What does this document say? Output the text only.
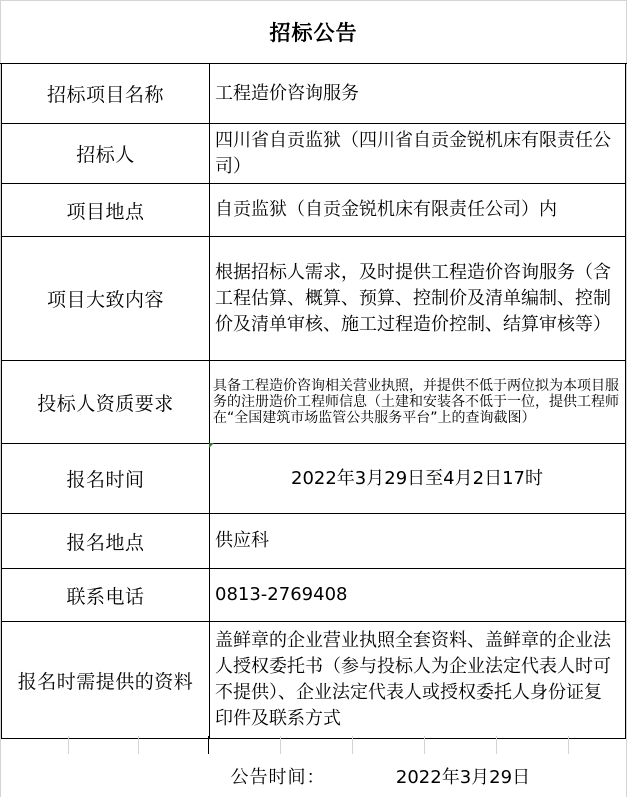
招标公告
招标项目名称	工程造价咨询服务
招标人	四川省自贡监狱（四川省自贡金锐机床有限责任公司）
项目地点	自贡监狱（自贡金锐机床有限责任公司）内
项目大致内容	根据招标人需求，及时提供工程造价咨询服务（含工程估算、概算、预算、控制价及清单编制、控制价及清单审核、施工过程造价控制、结算审核等）
投标人资质要求	具备工程造价咨询相关营业执照，并提供不低于两位拟为本项目服务的注册造价工程师信息（土建和安装各不低于一位，提供工程师在“全国建筑市场监管公共服务平台”上的查询截图）
报名时间	2022年3月29日至4月2日17时
报名地点	供应科
联系电话	0813-2769408
报名时需提供的资料	盖鲜章的企业营业执照全套资料、盖鲜章的企业法人授权委托书（参与投标人为企业法定代表人时可不提供）、企业法定代表人或授权委托人身份证复印件及联系方式
公告时间：	2022年3月29日
